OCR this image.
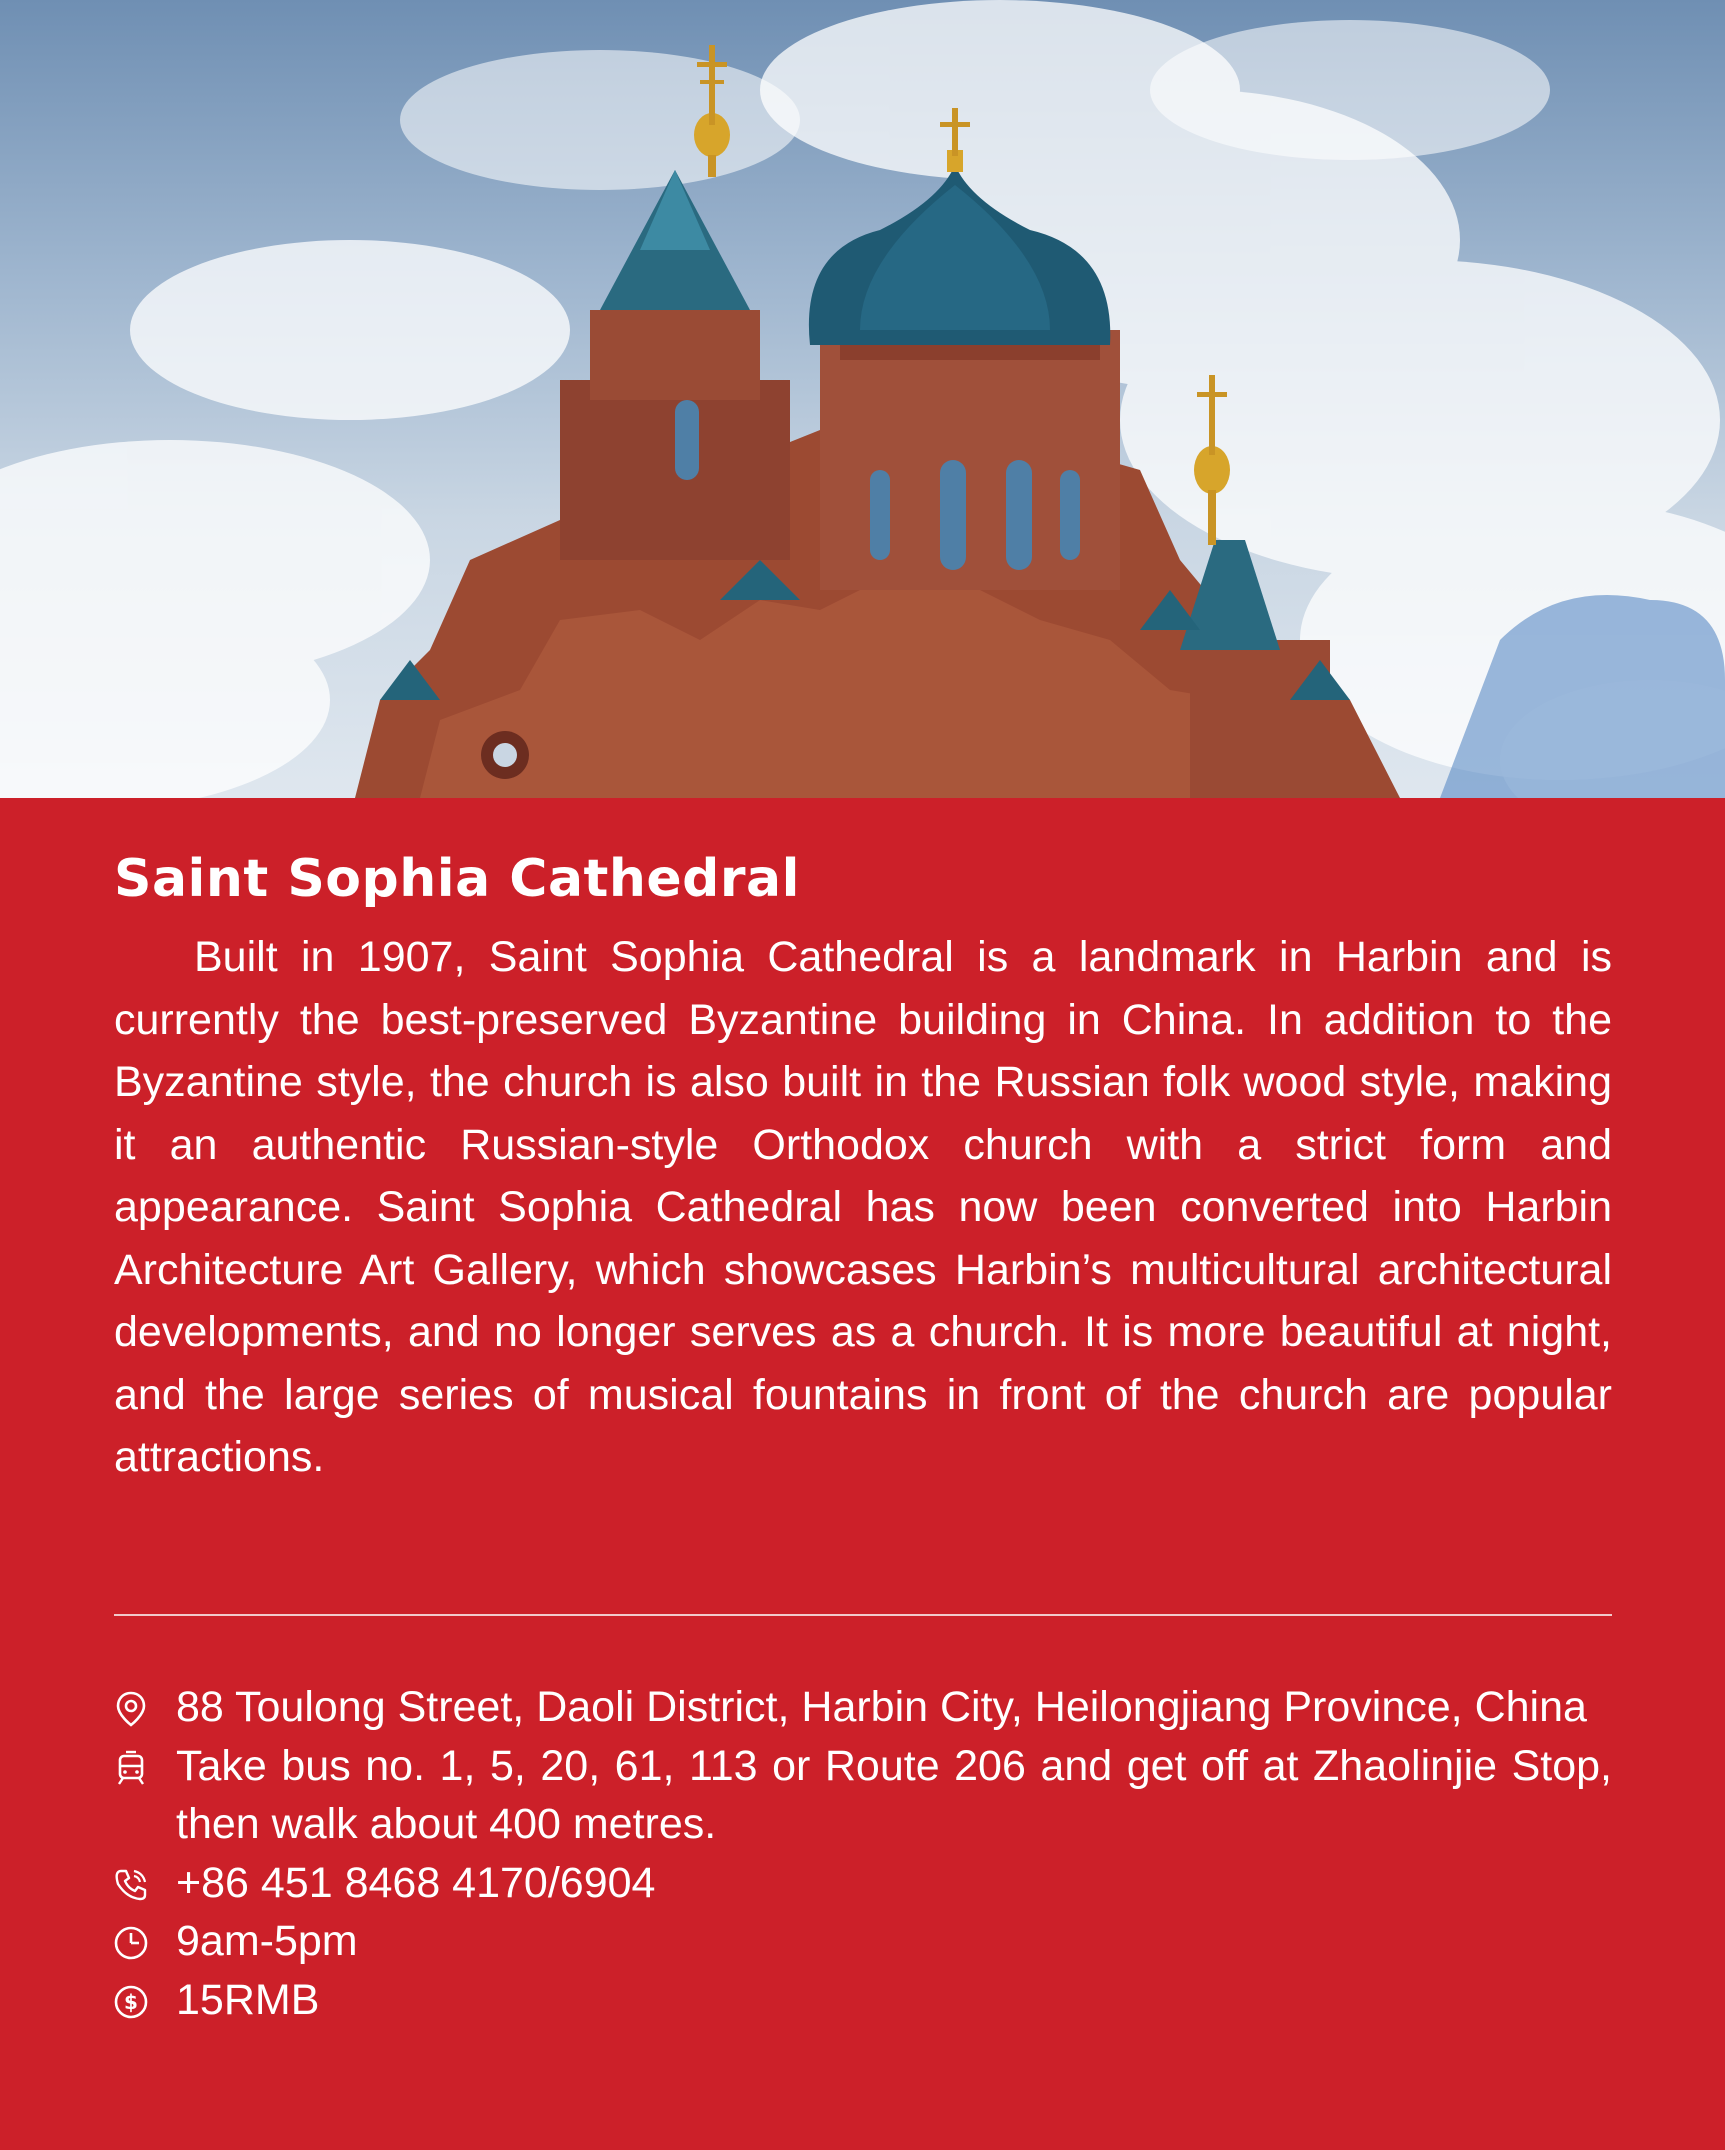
Saint Sophia Cathedral

Built in 1907, Saint Sophia Cathedral is a landmark in Harbin and is currently the best-preserved Byzantine building in China. In addition to the Byzantine style, the church is also built in the Russian folk wood style, making it an authentic Russian-style Orthodox church with a strict form and appearance. Saint Sophia Cathedral has now been converted into Harbin Architecture Art Gallery, which showcases Harbin’s multicultural architectural developments, and no longer serves as a church. It is more beautiful at night, and the large series of musical fountains in front of the church are popular attractions.

88 Toulong Street, Daoli District, Harbin City, Heilongjiang Province, China
Take bus no. 1, 5, 20, 61, 113 or Route 206 and get off at Zhaolinjie Stop, then walk about 400 metres.
+86 451 8468 4170/6904
9am-5pm
$ 15RMB
